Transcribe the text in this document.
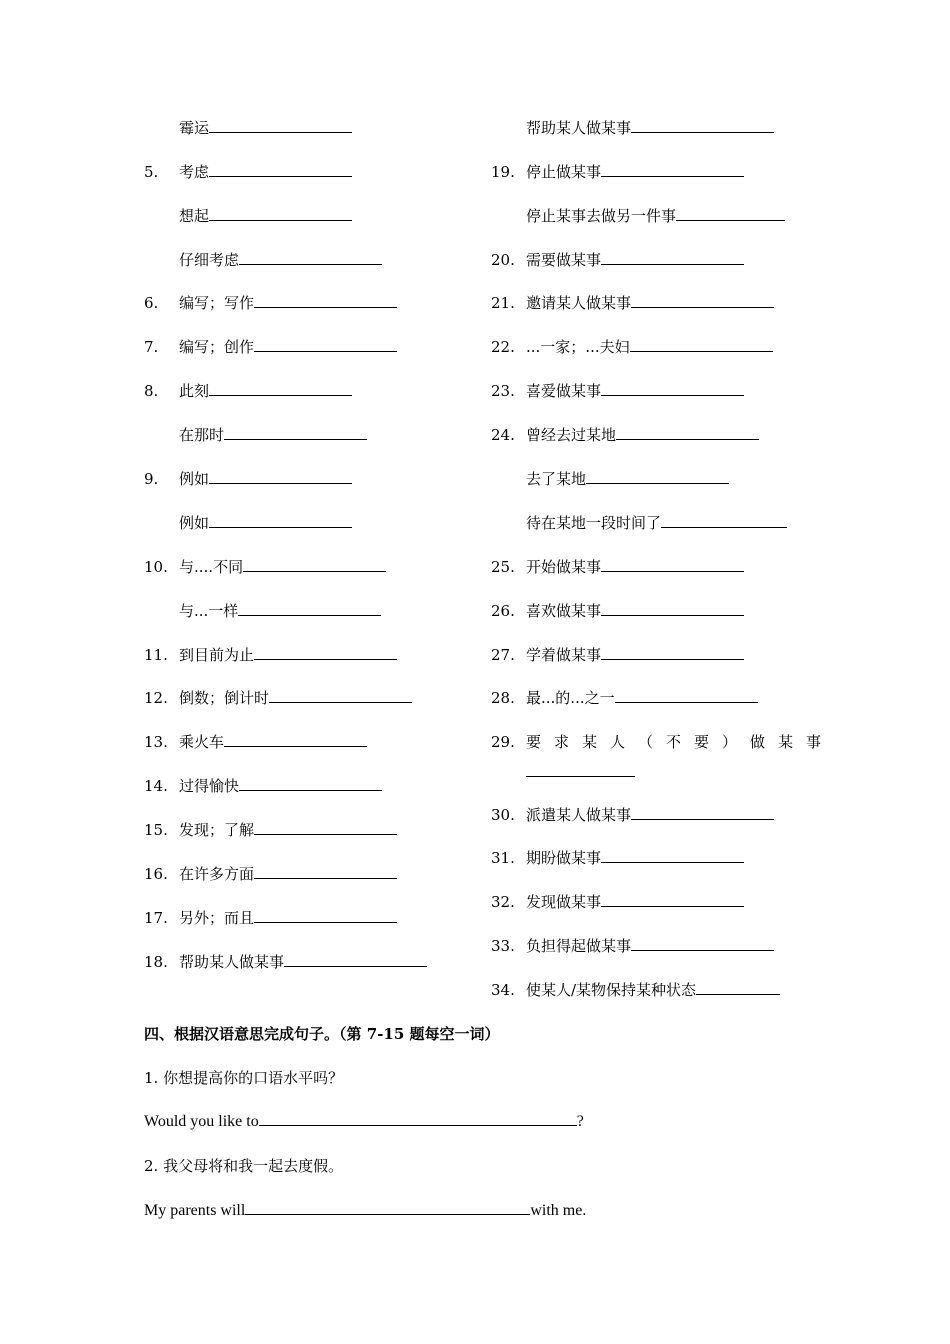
霉运
5. 考虑
想起
仔细考虑
6. 编写；写作
7. 编写；创作
8. 此刻
在那时
9. 例如
例如
10. 与....不同
与...一样
11. 到目前为止
12. 倒数；倒计时
13. 乘火车
14. 过得愉快
15. 发现；了解
16. 在许多方面
17. 另外；而且
18. 帮助某人做某事
帮助某人做某事
19. 停止做某事
停止某事去做另一件事
20. 需要做某事
21. 邀请某人做某事
22. ...一家；...夫妇
23. 喜爱做某事
24. 曾经去过某地
去了某地
待在某地一段时间了
25. 开始做某事
26. 喜欢做某事
27. 学着做某事
28. 最...的...之一
29. 要求某人（不要）做某事
30. 派遣某人做某事
31. 期盼做某事
32. 发现做某事
33. 负担得起做某事
34. 使某人/某物保持某种状态
四、根据汉语意思完成句子。（第 7-15 题每空一词）
1. 你想提高你的口语水平吗？
Would you like to	?
2. 我父母将和我一起去度假。
My parents will	with me.
